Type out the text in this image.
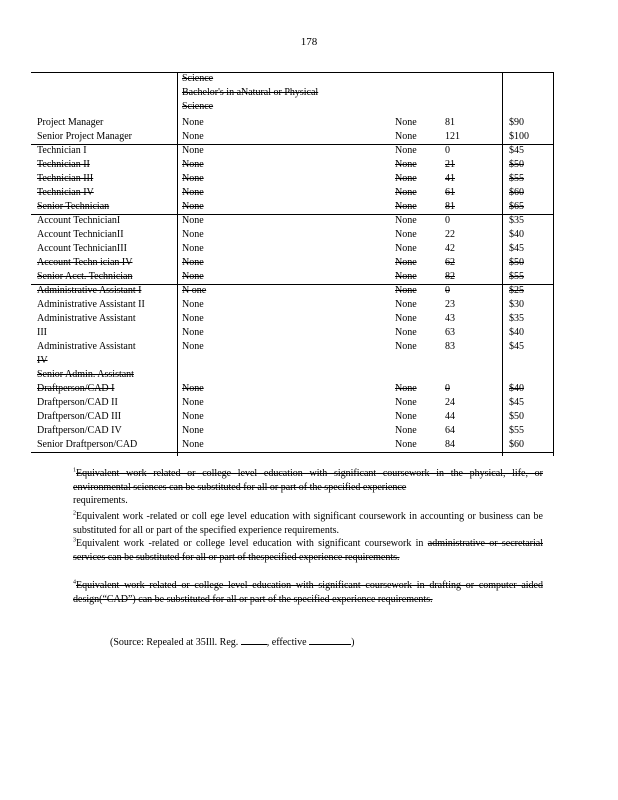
178
Science
Bachelor's in aNatural or Physical
Science
Project Manager	None	None	81	$90
Senior Project Manager	None	None	121	$100
Technician I	None	None	0	$45
Technician II	None	None	21	$50
Technician III	None	None	41	$55
Technician IV	None	None	61	$60
Senior Technician	None	None	81	$65
Account TechnicianI	None	None	0	$35
Account TechnicianII	None	None	22	$40
Account TechnicianIII	None	None	42	$45
Account Techn ician IV	None	None	62	$50
Senior Acct. Technician	None	None	82	$55
Administrative Assistant I	N one	None	0	$25
Administrative Assistant II	None	None	23	$30
Administrative Assistant	None	None	43	$35
III	None	None	63	$40
Administrative Assistant	None	None	83	$45
IV
Senior Admin. Assistant
Draftperson/CAD I	None	None	0	$40
Draftperson/CAD II	None	None	24	$45
Draftperson/CAD III	None	None	44	$50
Draftperson/CAD IV	None	None	64	$55
Senior Draftperson/CAD	None	None	84	$60

$^1$Equivalent work related or college level education with significant coursework in the physical, life, or environmental sciences can be substituted for all or part of the specified experience

requirements.

$^2$Equivalent work -related or coll ege level education with significant coursework in accounting or business can be substituted for all or part of the specified experience requirements.

$^3$Equivalent work -related or college level education with significant coursework in administrative or secretarial services can be substituted for all or part of thespecified experience requirements.

$^4$Equivalent work related or college level education with significant coursework in drafting or computer aided design(“CAD”) can be substituted for all or part of the specified experience requirements.

(Source: Repealed at 35Ill. Reg.	, effective	)
